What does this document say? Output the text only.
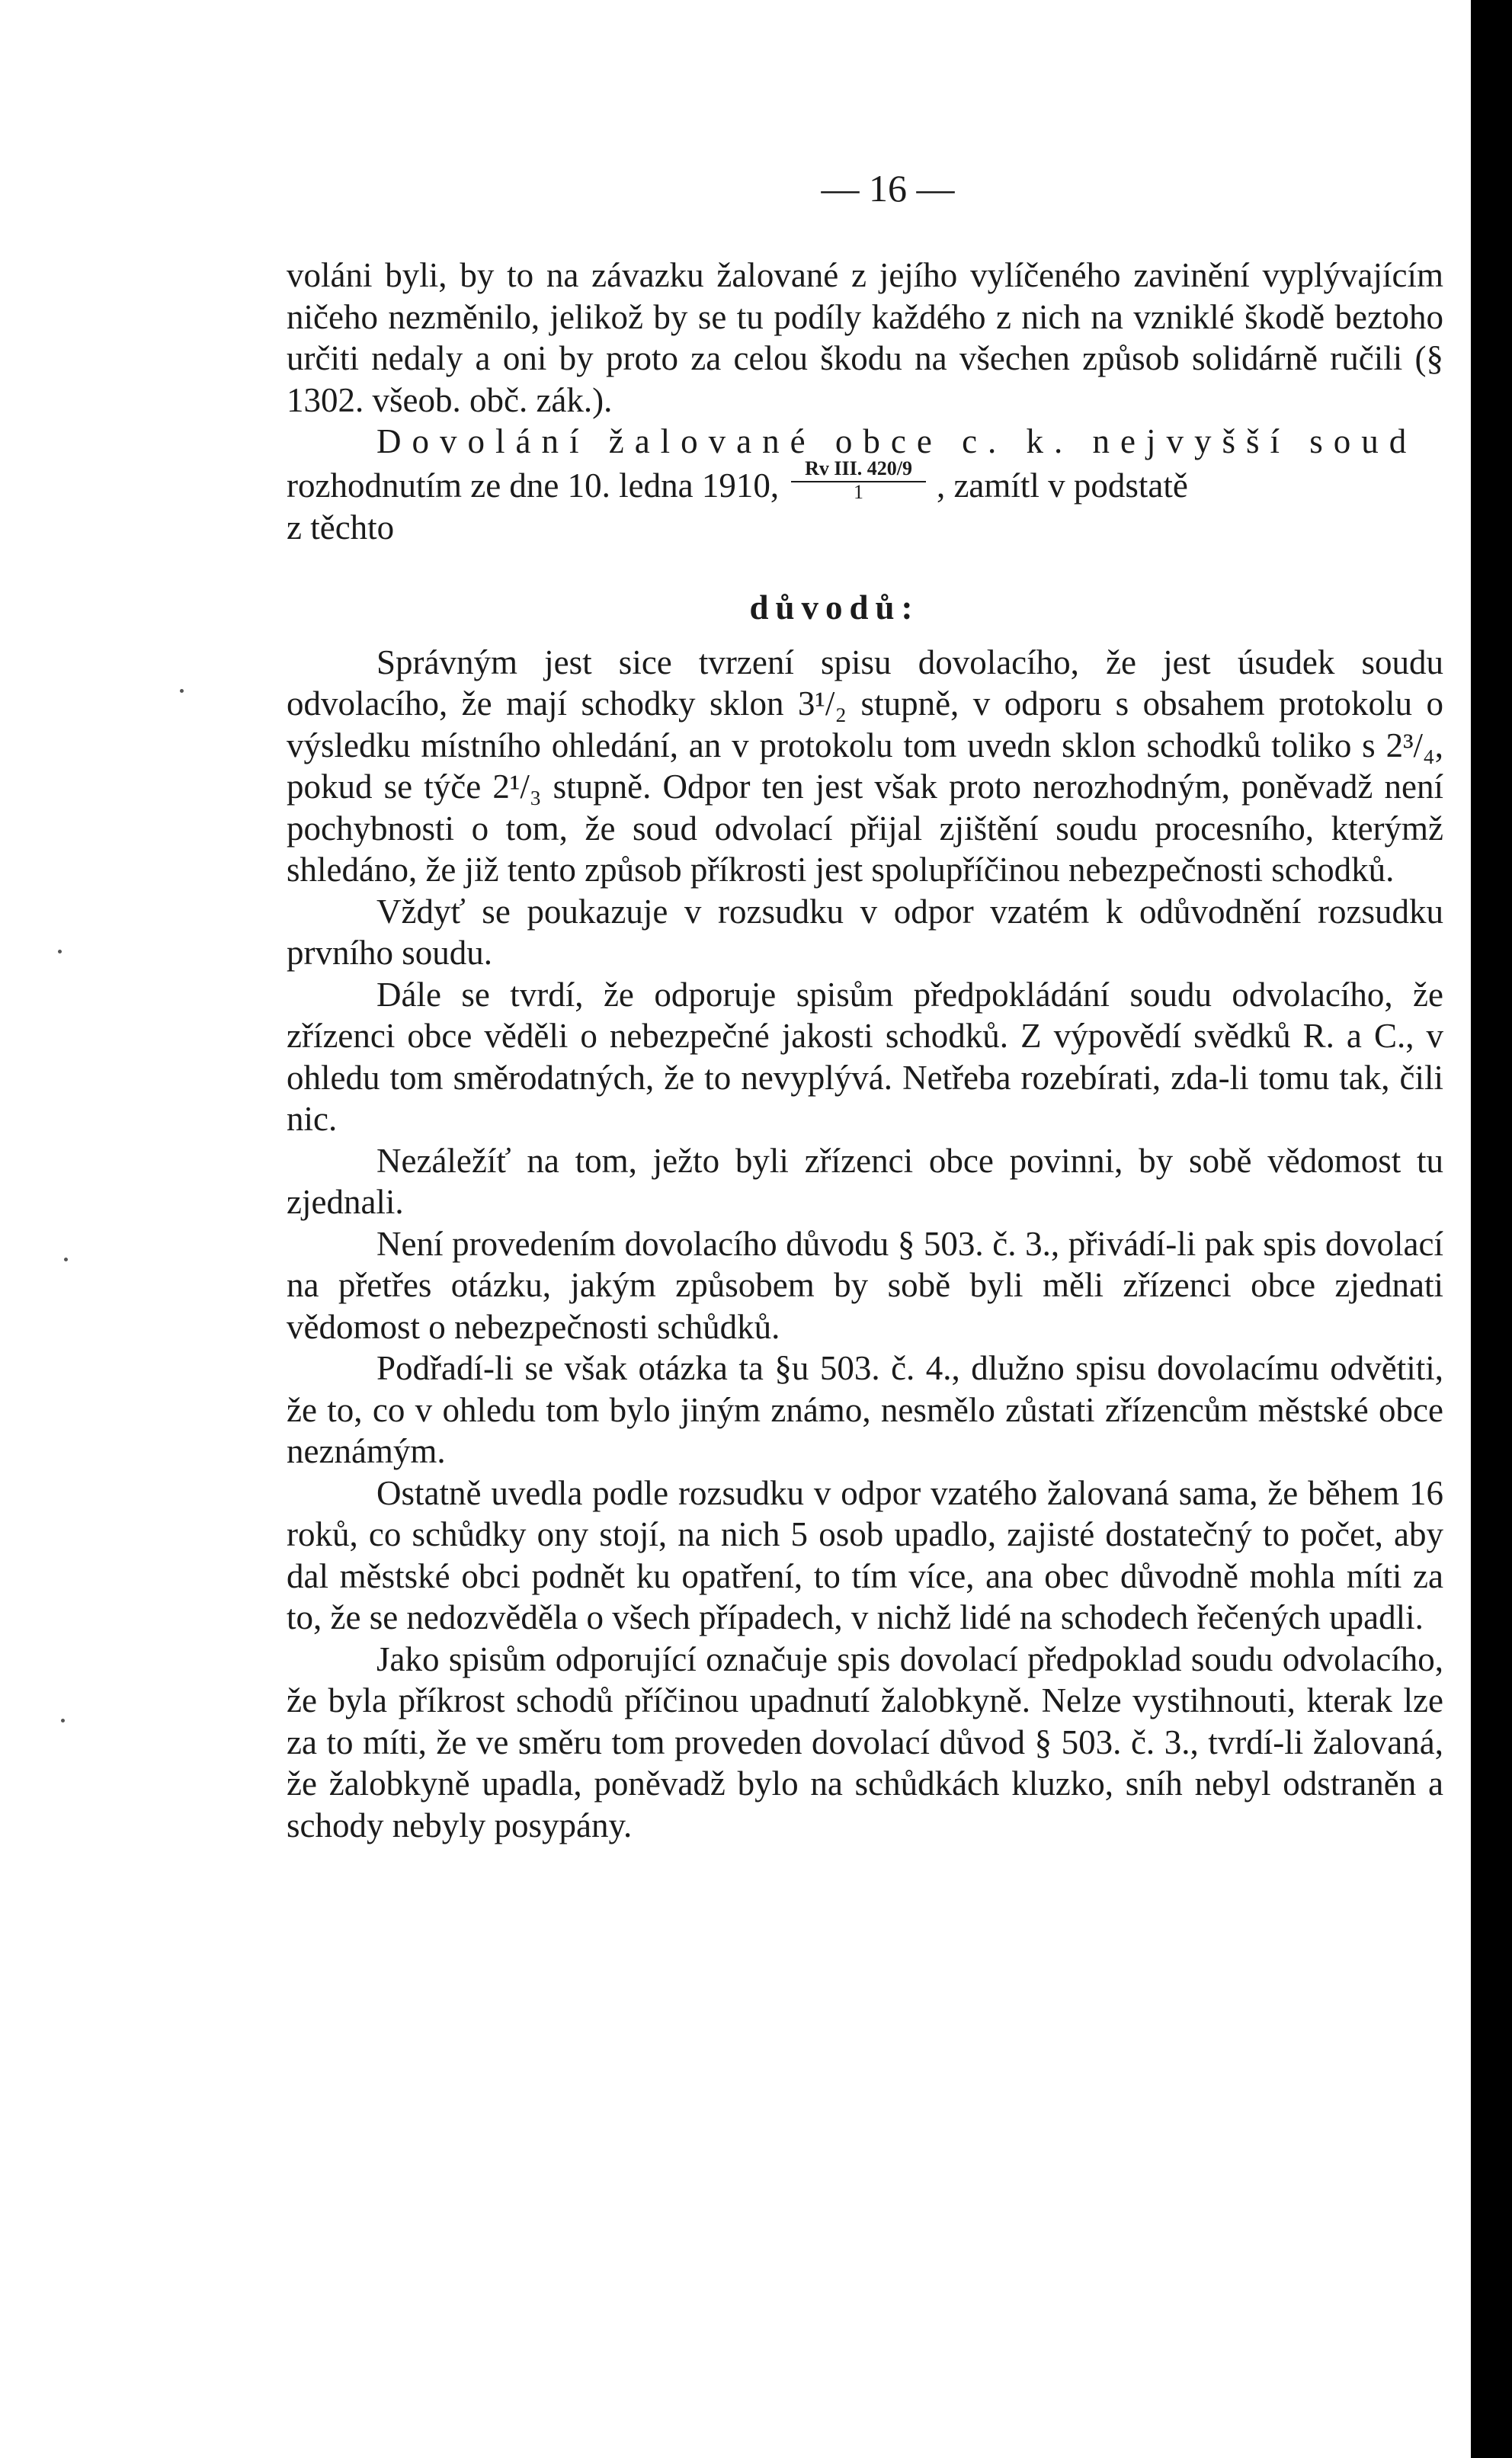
— 16 —

voláni byli, by to na závazku žalované z jejího vylíčeného zavinění vyplývajícím ničeho nezměnilo, jelikož by se tu podíly každého z nich na vzniklé škodě beztoho určiti nedaly a oni by proto za celou škodu na všechen způsob solidárně ručili (§ 1302. všeob. obč. zák.).

Dovolání žalované obce c. k. nejvyšší soud

rozhodnutím ze dne 10. ledna 1910, $\frac{\text{Rv III. 420/9}}{1}$ , zamítl v podstatě

z těchto

důvodů:

Správným jest sice tvrzení spisu dovolacího, že jest úsudek soudu odvolacího, že mají schodky sklon 3¹/₂ stupně, v odporu s obsahem protokolu o výsledku místního ohledání, an v protokolu tom uvedn sklon schodků toliko s 2³/₄, pokud se týče 2¹/₃ stupně. Odpor ten jest však proto nerozhodným, poněvadž není pochybnosti o tom, že soud odvolací přijal zjištění soudu procesního, kterýmž shledáno, že již tento způsob příkrosti jest spolupříčinou nebezpečnosti schodků.

Vždyť se poukazuje v rozsudku v odpor vzatém k odůvodnění rozsudku prvního soudu.

Dále se tvrdí, že odporuje spisům předpokládání soudu odvolacího, že zřízenci obce věděli o nebezpečné jakosti schodků. Z výpovědí svědků R. a C., v ohledu tom směrodatných, že to nevyplývá. Netřeba rozebírati, zda-li tomu tak, čili nic.

Nezáležíť na tom, ježto byli zřízenci obce povinni, by sobě vědomost tu zjednali.

Není provedením dovolacího důvodu § 503. č. 3., přivádí-li pak spis dovolací na přetřes otázku, jakým způsobem by sobě byli měli zřízenci obce zjednati vědomost o nebezpečnosti schůdků.

Podřadí-li se však otázka ta §u 503. č. 4., dlužno spisu dovolacímu odvětiti, že to, co v ohledu tom bylo jiným známo, nesmělo zůstati zřízencům městské obce neznámým.

Ostatně uvedla podle rozsudku v odpor vzatého žalovaná sama, že během 16 roků, co schůdky ony stojí, na nich 5 osob upadlo, zajisté dostatečný to počet, aby dal městské obci podnět ku opatření, to tím více, ana obec důvodně mohla míti za to, že se nedozvěděla o všech případech, v nichž lidé na schodech řečených upadli.

Jako spisům odporující označuje spis dovolací předpoklad soudu odvolacího, že byla příkrost schodů příčinou upadnutí žalobkyně. Nelze vystihnouti, kterak lze za to míti, že ve směru tom proveden dovolací důvod § 503. č. 3., tvrdí-li žalovaná, že žalobkyně upadla, poněvadž bylo na schůdkách kluzko, sníh nebyl odstraněn a schody nebyly posypány.
